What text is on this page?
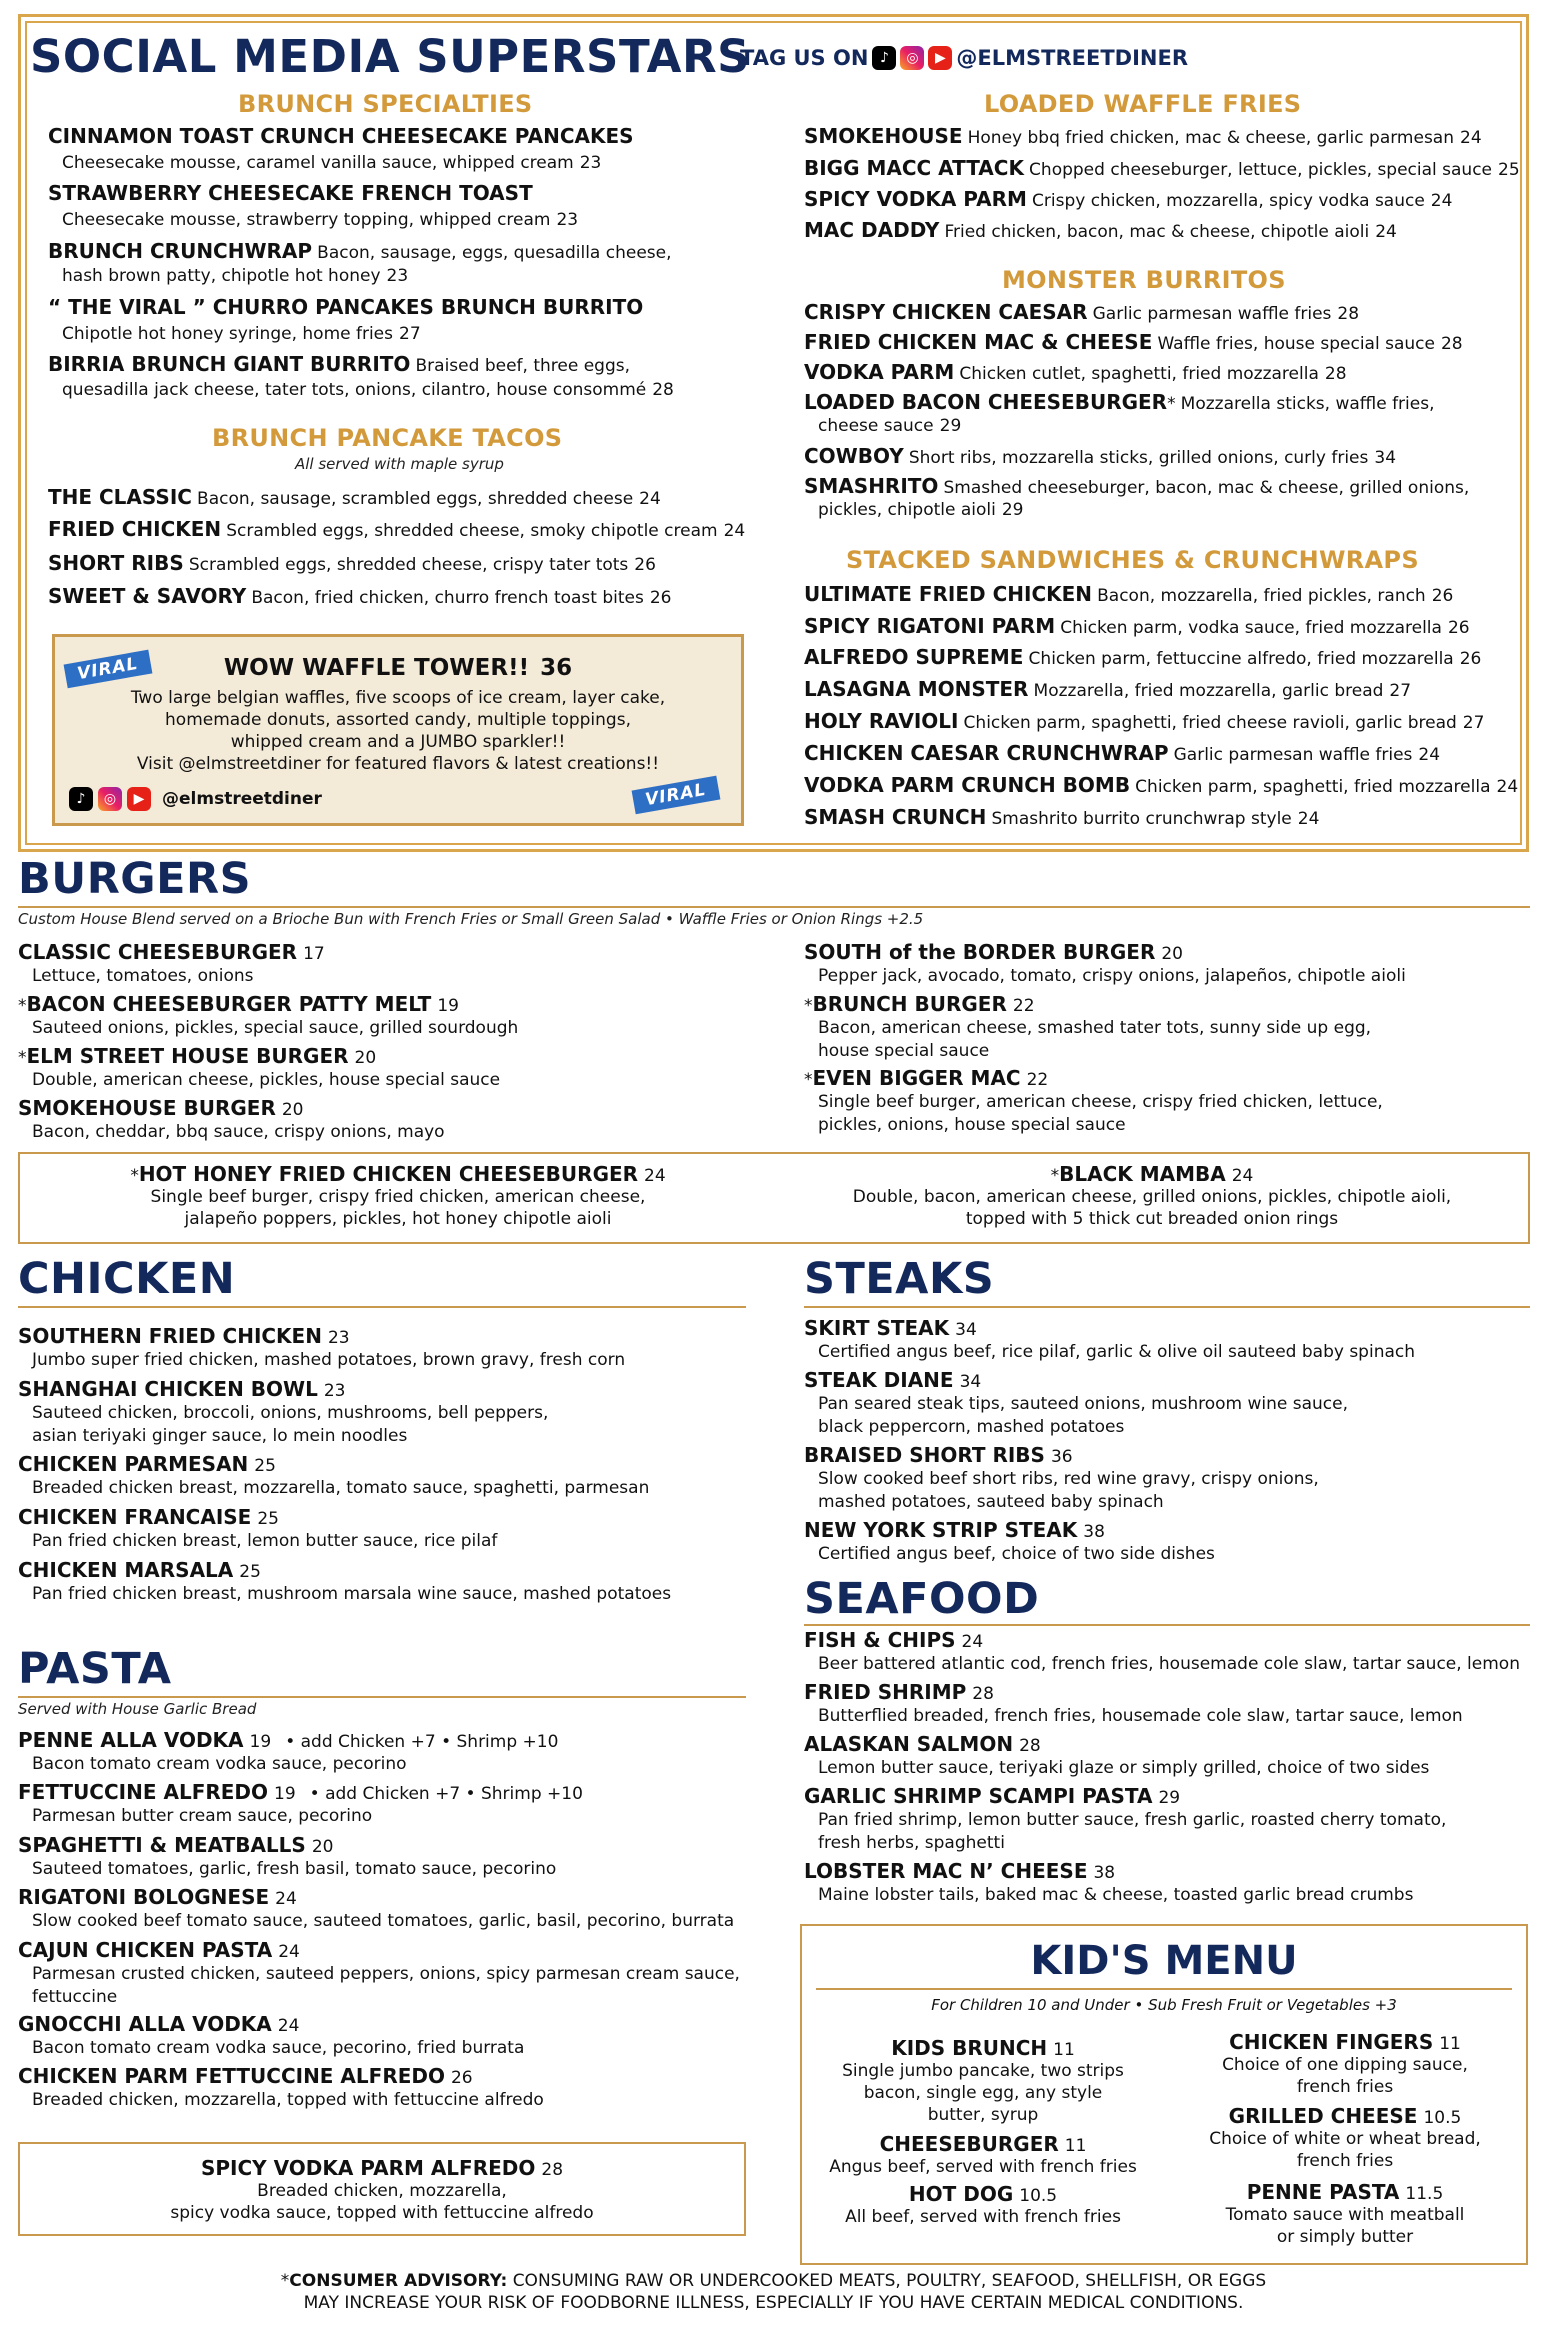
SOCIAL MEDIA SUPERSTARS
TAG US ON ♪	◎	▶ @ELMSTREETDINER
BRUNCH SPECIALTIES
CINNAMON TOAST CRUNCH CHEESECAKE PANCAKES
Cheesecake mousse, caramel vanilla sauce, whipped cream 23
STRAWBERRY CHEESECAKE FRENCH TOAST
Cheesecake mousse, strawberry topping, whipped cream 23
BRUNCH CRUNCHWRAP Bacon, sausage, eggs, quesadilla cheese,
hash brown patty, chipotle hot honey 23
“ THE VIRAL ” CHURRO PANCAKES BRUNCH BURRITO
Chipotle hot honey syringe, home fries 27
BIRRIA BRUNCH GIANT BURRITO Braised beef, three eggs,
quesadilla jack cheese, tater tots, onions, cilantro, house consommé 28
BRUNCH PANCAKE TACOS
All served with maple syrup
THE CLASSIC Bacon, sausage, scrambled eggs, shredded cheese 24
FRIED CHICKEN Scrambled eggs, shredded cheese, smoky chipotle cream 24
SHORT RIBS Scrambled eggs, shredded cheese, crispy tater tots 26
SWEET & SAVORY Bacon, fried chicken, churro french toast bites 26
VIRAL	WOW WAFFLE TOWER!! 36
Two large belgian waffles, five scoops of ice cream, layer cake,
homemade donuts, assorted candy, multiple toppings,
whipped cream and a JUMBO sparkler!!
Visit @elmstreetdiner for featured flavors & latest creations!!
♪	◎	▶	@elmstreetdiner	VIRAL
LOADED WAFFLE FRIES
SMOKEHOUSE Honey bbq fried chicken, mac & cheese, garlic parmesan 24
BIGG MACC ATTACK Chopped cheeseburger, lettuce, pickles, special sauce 25
SPICY VODKA PARM Crispy chicken, mozzarella, spicy vodka sauce 24
MAC DADDY Fried chicken, bacon, mac & cheese, chipotle aioli 24
MONSTER BURRITOS
CRISPY CHICKEN CAESAR Garlic parmesan waffle fries 28
FRIED CHICKEN MAC & CHEESE Waffle fries, house special sauce 28
VODKA PARM Chicken cutlet, spaghetti, fried mozzarella 28
LOADED BACON CHEESEBURGER* Mozzarella sticks, waffle fries,
cheese sauce 29
COWBOY Short ribs, mozzarella sticks, grilled onions, curly fries 34
SMASHRITO Smashed cheeseburger, bacon, mac & cheese, grilled onions,
pickles, chipotle aioli 29
STACKED SANDWICHES & CRUNCHWRAPS
ULTIMATE FRIED CHICKEN Bacon, mozzarella, fried pickles, ranch 26
SPICY RIGATONI PARM Chicken parm, vodka sauce, fried mozzarella 26
ALFREDO SUPREME Chicken parm, fettuccine alfredo, fried mozzarella 26
LASAGNA MONSTER Mozzarella, fried mozzarella, garlic bread 27
HOLY RAVIOLI Chicken parm, spaghetti, fried cheese ravioli, garlic bread 27
CHICKEN CAESAR CRUNCHWRAP Garlic parmesan waffle fries 24
VODKA PARM CRUNCH BOMB Chicken parm, spaghetti, fried mozzarella 24
SMASH CRUNCH Smashrito burrito crunchwrap style 24
BURGERS
Custom House Blend served on a Brioche Bun with French Fries or Small Green Salad • Waffle Fries or Onion Rings +2.5
CLASSIC CHEESEBURGER 17
Lettuce, tomatoes, onions
*BACON CHEESEBURGER PATTY MELT 19
Sauteed onions, pickles, special sauce, grilled sourdough
*ELM STREET HOUSE BURGER 20
Double, american cheese, pickles, house special sauce
SMOKEHOUSE BURGER 20
Bacon, cheddar, bbq sauce, crispy onions, mayo
SOUTH of the BORDER BURGER 20
Pepper jack, avocado, tomato, crispy onions, jalapeños, chipotle aioli
*BRUNCH BURGER 22
Bacon, american cheese, smashed tater tots, sunny side up egg,
house special sauce
*EVEN BIGGER MAC 22
Single beef burger, american cheese, crispy fried chicken, lettuce,
pickles, onions, house special sauce
*HOT HONEY FRIED CHICKEN CHEESEBURGER 24
Single beef burger, crispy fried chicken, american cheese,
jalapeño poppers, pickles, hot honey chipotle aioli
*BLACK MAMBA 24
Double, bacon, american cheese, grilled onions, pickles, chipotle aioli,
topped with 5 thick cut breaded onion rings
CHICKEN
SOUTHERN FRIED CHICKEN 23
Jumbo super fried chicken, mashed potatoes, brown gravy, fresh corn
SHANGHAI CHICKEN BOWL 23
Sauteed chicken, broccoli, onions, mushrooms, bell peppers,
asian teriyaki ginger sauce, lo mein noodles
CHICKEN PARMESAN 25
Breaded chicken breast, mozzarella, tomato sauce, spaghetti, parmesan
CHICKEN FRANCAISE 25
Pan fried chicken breast, lemon butter sauce, rice pilaf
CHICKEN MARSALA 25
Pan fried chicken breast, mushroom marsala wine sauce, mashed potatoes
PASTA
Served with House Garlic Bread
PENNE ALLA VODKA 19 • add Chicken +7 • Shrimp +10
Bacon tomato cream vodka sauce, pecorino
FETTUCCINE ALFREDO 19 • add Chicken +7 • Shrimp +10
Parmesan butter cream sauce, pecorino
SPAGHETTI & MEATBALLS 20
Sauteed tomatoes, garlic, fresh basil, tomato sauce, pecorino
RIGATONI BOLOGNESE 24
Slow cooked beef tomato sauce, sauteed tomatoes, garlic, basil, pecorino, burrata
CAJUN CHICKEN PASTA 24
Parmesan crusted chicken, sauteed peppers, onions, spicy parmesan cream sauce,
fettuccine
GNOCCHI ALLA VODKA 24
Bacon tomato cream vodka sauce, pecorino, fried burrata
CHICKEN PARM FETTUCCINE ALFREDO 26
Breaded chicken, mozzarella, topped with fettuccine alfredo
SPICY VODKA PARM ALFREDO 28
Breaded chicken, mozzarella,
spicy vodka sauce, topped with fettuccine alfredo
STEAKS
SKIRT STEAK 34
Certified angus beef, rice pilaf, garlic & olive oil sauteed baby spinach
STEAK DIANE 34
Pan seared steak tips, sauteed onions, mushroom wine sauce,
black peppercorn, mashed potatoes
BRAISED SHORT RIBS 36
Slow cooked beef short ribs, red wine gravy, crispy onions,
mashed potatoes, sauteed baby spinach
NEW YORK STRIP STEAK 38
Certified angus beef, choice of two side dishes
SEAFOOD
FISH & CHIPS 24
Beer battered atlantic cod, french fries, housemade cole slaw, tartar sauce, lemon
FRIED SHRIMP 28
Butterflied breaded, french fries, housemade cole slaw, tartar sauce, lemon
ALASKAN SALMON 28
Lemon butter sauce, teriyaki glaze or simply grilled, choice of two sides
GARLIC SHRIMP SCAMPI PASTA 29
Pan fried shrimp, lemon butter sauce, fresh garlic, roasted cherry tomato,
fresh herbs, spaghetti
LOBSTER MAC N’ CHEESE 38
Maine lobster tails, baked mac & cheese, toasted garlic bread crumbs
KID'S MENU
For Children 10 and Under • Sub Fresh Fruit or Vegetables +3
KIDS BRUNCH 11
Single jumbo pancake, two strips
bacon, single egg, any style
butter, syrup
CHEESEBURGER 11
Angus beef, served with french fries
HOT DOG 10.5
All beef, served with french fries
CHICKEN FINGERS 11
Choice of one dipping sauce,
french fries
GRILLED CHEESE 10.5
Choice of white or wheat bread,
french fries
PENNE PASTA 11.5
Tomato sauce with meatball
or simply butter
*CONSUMER ADVISORY: CONSUMING RAW OR UNDERCOOKED MEATS, POULTRY, SEAFOOD, SHELLFISH, OR EGGS
MAY INCREASE YOUR RISK OF FOODBORNE ILLNESS, ESPECIALLY IF YOU HAVE CERTAIN MEDICAL CONDITIONS.
